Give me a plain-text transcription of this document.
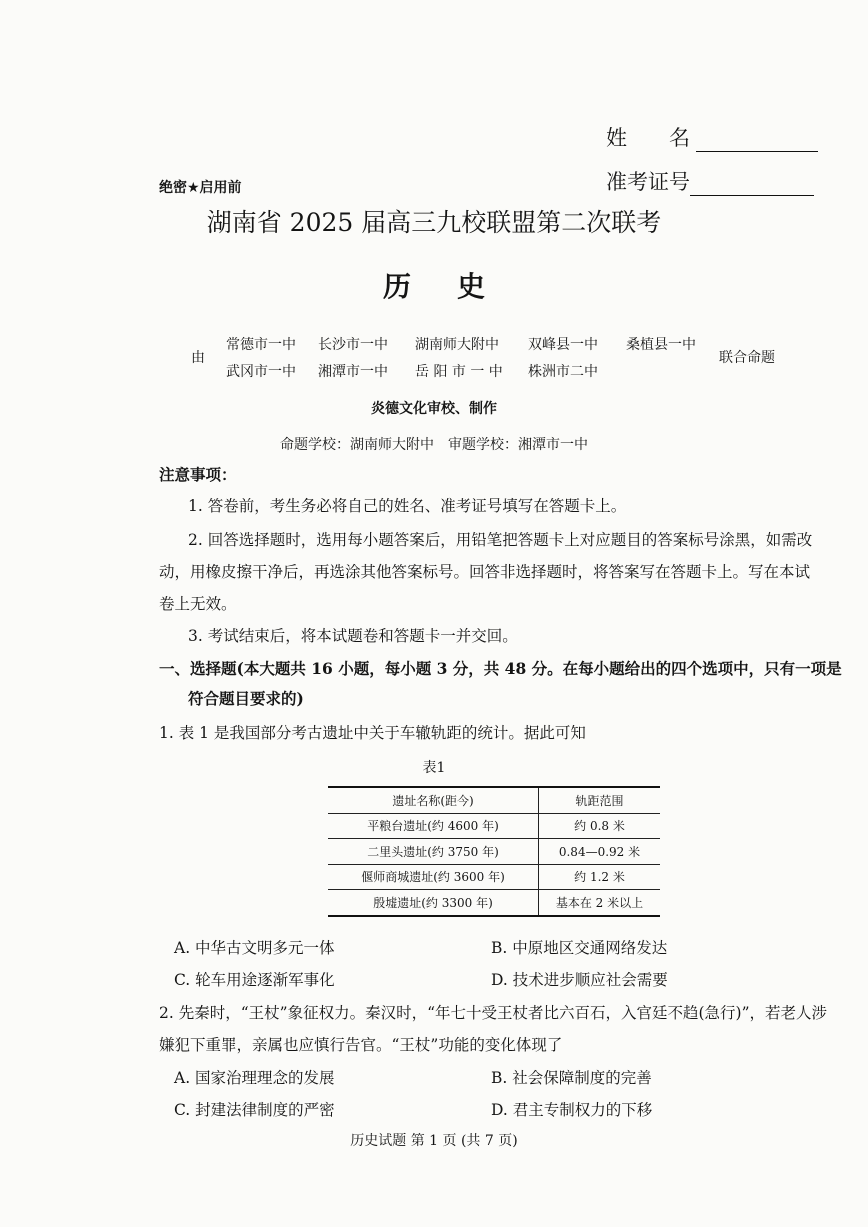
姓　　名
准考证号
绝密★启用前
湖南省 2025 届高三九校联盟第二次联考
历史
由
常德市一中 长沙市一中 湖南师大附中 双峰县一中 桑植县一中
武冈市一中 湘潭市一中 岳 阳 市 一 中 株洲市二中
联合命题
炎德文化审校、制作
命题学校：湖南师大附中　审题学校：湘潭市一中
注意事项：
1. 答卷前，考生务必将自己的姓名、准考证号填写在答题卡上。
2. 回答选择题时，选用每小题答案后，用铅笔把答题卡上对应题目的答案标号涂黑，如需改
动，用橡皮擦干净后，再选涂其他答案标号。回答非选择题时，将答案写在答题卡上。写在本试
卷上无效。
3. 考试结束后，将本试题卷和答题卡一并交回。
一、选择题(本大题共 16 小题，每小题 3 分，共 48 分。在每小题给出的四个选项中，只有一项是
符合题目要求的)
1. 表 1 是我国部分考古遗址中关于车辙轨距的统计。据此可知
表1
遗址名称(距今)	轨距范围
平粮台遗址(约 4600 年)	约 0.8 米
二里头遗址(约 3750 年)	0.84—0.92 米
偃师商城遗址(约 3600 年)	约 1.2 米
殷墟遗址(约 3300 年)	基本在 2 米以上
A. 中华古文明多元一体	B. 中原地区交通网络发达
C. 轮车用途逐渐军事化	D. 技术进步顺应社会需要
2. 先秦时，“王杖”象征权力。秦汉时，“年七十受王杖者比六百石，入官廷不趋(急行)”，若老人涉
嫌犯下重罪，亲属也应慎行告官。“王杖”功能的变化体现了
A. 国家治理理念的发展	B. 社会保障制度的完善
C. 封建法律制度的严密	D. 君主专制权力的下移
历史试题 第 1 页 (共 7 页)
